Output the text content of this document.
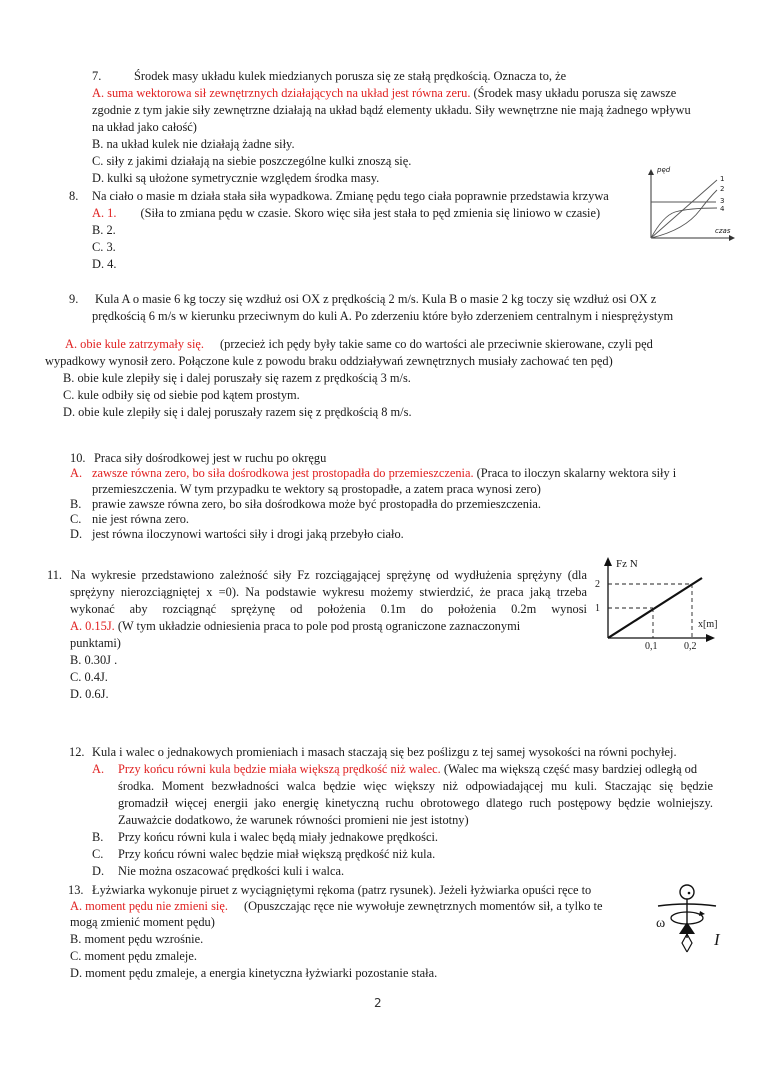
7.	Środek masy układu kulek miedzianych porusza się ze stałą prędkością. Oznacza to, że
A. suma wektorowa sił zewnętrznych działających na układ jest równa zeru. (Środek masy układu porusza się zawsze
zgodnie z tym jakie siły zewnętrzne działają na układ bądź elementy układu. Siły wewnętrzne nie mają żadnego wpływu
na układ jako całość)
B. na układ kulek nie działają żadne siły.
C. siły z jakimi działają na siebie poszczególne kulki znoszą się.
D. kulki są ułożone symetrycznie względem środka masy.
8. Na ciało o masie m działa stała siła wypadkowa. Zmianę pędu tego ciała poprawnie przedstawia krzywa
A. 1. (Siła to zmiana pędu w czasie. Skoro więc siła jest stała to pęd zmienia się liniowo w czasie)
B. 2.
C. 3.
D. 4.
pęd
czas
1
2
3
4
9. Kula A o masie 6 kg toczy się wzdłuż osi OX z prędkością 2 m/s. Kula B o masie 2 kg toczy się wzdłuż osi OX z
prędkością 6 m/s w kierunku przeciwnym do kuli A. Po zderzeniu które było zderzeniem centralnym i niesprężystym
A. obie kule zatrzymały się. (przecież ich pędy były takie same co do wartości ale przeciwnie skierowane, czyli pęd
wypadkowy wynosił zero. Połączone kule z powodu braku oddziaływań zewnętrznych musiały zachować ten pęd)
B. obie kule zlepiły się i dalej poruszały się razem z prędkością 3 m/s.
C. kule odbiły się od siebie pod kątem prostym.
D. obie kule zlepiły się i dalej poruszały razem się z prędkością 8 m/s.
10. Praca siły dośrodkowej jest w ruchu po okręgu
A. zawsze równa zero, bo siła dośrodkowa jest prostopadła do przemieszczenia. (Praca to iloczyn skalarny wektora siły i
przemieszczenia. W tym przypadku te wektory są prostopadłe, a zatem praca wynosi zero)
B. prawie zawsze równa zero, bo siła dośrodkowa może być prostopadła do przemieszczenia.
C. nie jest równa zero.
D. jest równa iloczynowi wartości siły i drogi jaką przebyło ciało.
11. Na wykresie przedstawiono zależność siły Fz rozciągającej sprężynę od wydłużenia sprężyny (dla
sprężyny nierozciągniętej x =0). Na podstawie wykresu możemy stwierdzić, że praca jaką trzeba
wykonać aby rozciągnąć sprężynę od położenia 0.1m do położenia 0.2m wynosi
A. 0.15J. (W tym układzie odniesienia praca to pole pod prostą ograniczone zaznaczonymi
punktami)
B. 0.30J .
C. 0.4J.
D. 0.6J.
Fz N
1
2
x[m]
0,1	0,2
12. Kula i walec o jednakowych promieniach i masach staczają się bez poślizgu z tej samej wysokości na równi pochyłej.
A. Przy końcu równi kula będzie miała większą prędkość niż walec. (Walec ma większą część masy bardziej odległą od
środka. Moment bezwładności walca będzie więc większy niż odpowiadającej mu kuli. Staczając się będzie
gromadził więcej energii jako energię kinetyczną ruchu obrotowego dlatego ruch postępowy będzie wolniejszy.
Zauważcie dodatkowo, że warunek równości promieni nie jest istotny)
B. Przy końcu równi kula i walec będą miały jednakowe prędkości.
C. Przy końcu równi walec będzie miał większą prędkość niż kula.
D. Nie można oszacować prędkości kuli i walca.
13. Łyżwiarka wykonuje piruet z wyciągniętymi rękoma (patrz rysunek). Jeżeli łyżwiarka opuści ręce to
A. moment pędu nie zmieni się. (Opuszczając ręce nie wywołuje zewnętrznych momentów sił, a tylko te
mogą zmienić moment pędu)
B. moment pędu wzrośnie.
C. moment pędu zmaleje.
D. moment pędu zmaleje, a energia kinetyczna łyżwiarki pozostanie stała.
ω
I
2
